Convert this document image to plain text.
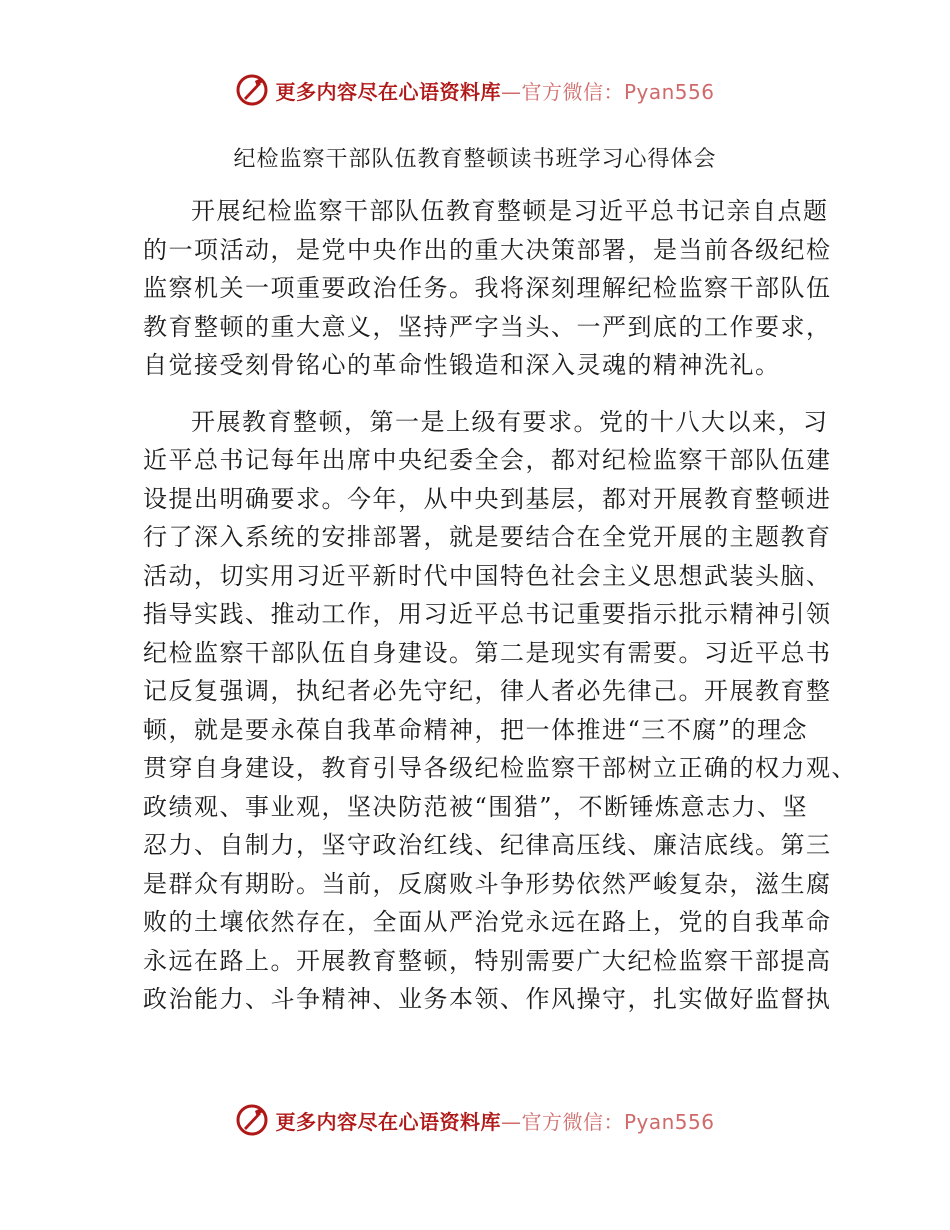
更多内容尽在心语资料库—官方微信：Pyan556
纪检监察干部队伍教育整顿读书班学习心得体会
开展纪检监察干部队伍教育整顿是习近平总书记亲自点题
的一项活动，是党中央作出的重大决策部署，是当前各级纪检
监察机关一项重要政治任务。我将深刻理解纪检监察干部队伍
教育整顿的重大意义，坚持严字当头、一严到底的工作要求，
自觉接受刻骨铭心的革命性锻造和深入灵魂的精神洗礼。
开展教育整顿，第一是上级有要求。党的十八大以来，习
近平总书记每年出席中央纪委全会，都对纪检监察干部队伍建
设提出明确要求。今年，从中央到基层，都对开展教育整顿进
行了深入系统的安排部署，就是要结合在全党开展的主题教育
活动，切实用习近平新时代中国特色社会主义思想武装头脑、
指导实践、推动工作，用习近平总书记重要指示批示精神引领
纪检监察干部队伍自身建设。第二是现实有需要。习近平总书
记反复强调，执纪者必先守纪，律人者必先律己。开展教育整
顿，就是要永葆自我革命精神，把一体推进“三不腐”的理念
贯穿自身建设，教育引导各级纪检监察干部树立正确的权力观、
政绩观、事业观，坚决防范被“围猎”，不断锤炼意志力、坚
忍力、自制力，坚守政治红线、纪律高压线、廉洁底线。第三
是群众有期盼。当前，反腐败斗争形势依然严峻复杂，滋生腐
败的土壤依然存在，全面从严治党永远在路上，党的自我革命
永远在路上。开展教育整顿，特别需要广大纪检监察干部提高
政治能力、斗争精神、业务本领、作风操守，扎实做好监督执
更多内容尽在心语资料库—官方微信：Pyan556
